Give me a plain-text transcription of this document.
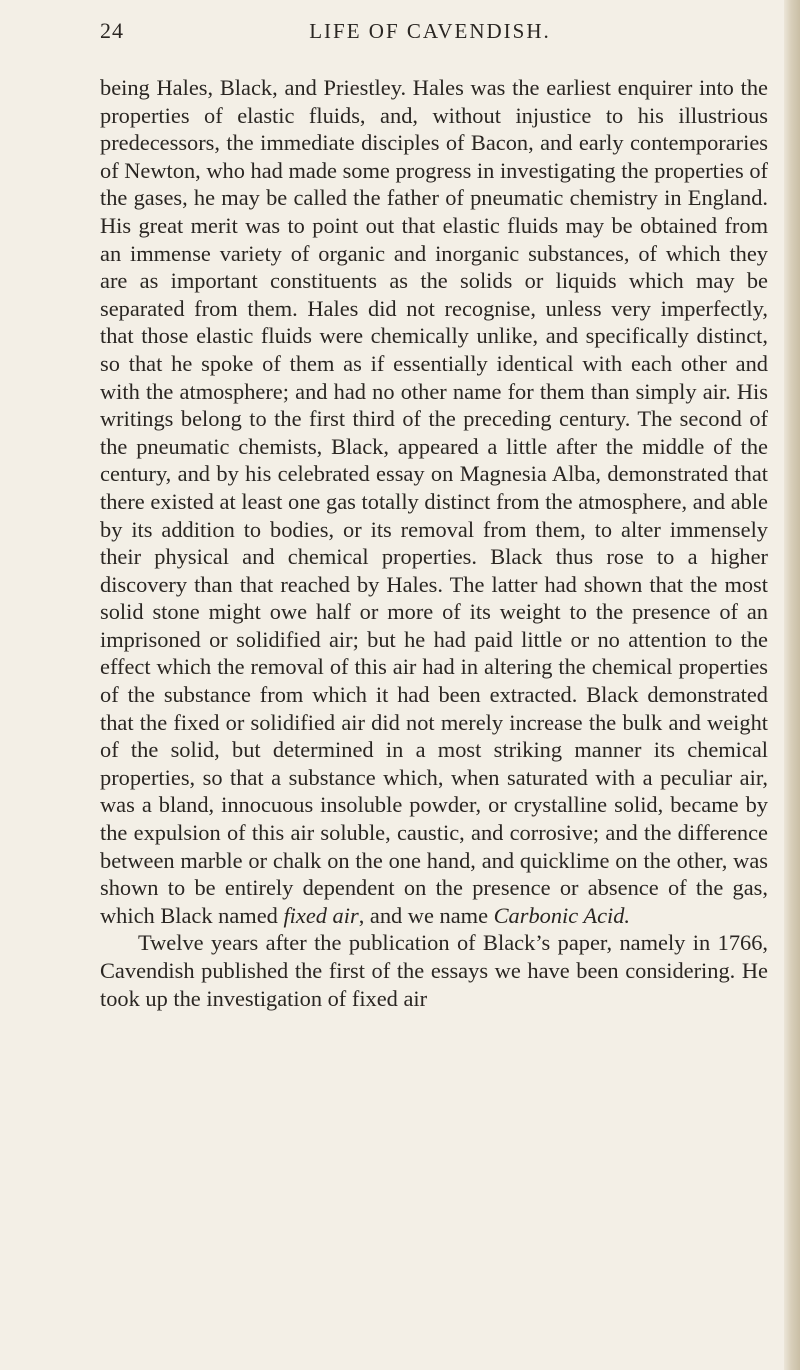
24	LIFE OF CAVENDISH.

being Hales, Black, and Priestley. Hales was the earliest enquirer into the properties of elastic fluids, and, without injustice to his illustrious predecessors, the immediate disciples of Bacon, and early contemporaries of Newton, who had made some progress in investigating the properties of the gases, he may be called the father of pneumatic chemistry in England. His great merit was to point out that elastic fluids may be obtained from an immense variety of organic and inorganic substances, of which they are as important constituents as the solids or liquids which may be separated from them. Hales did not recognise, unless very imperfectly, that those elastic fluids were chemically unlike, and specifically distinct, so that he spoke of them as if essentially identical with each other and with the atmosphere; and had no other name for them than simply air. His writings belong to the first third of the preceding century. The second of the pneumatic chemists, Black, appeared a little after the middle of the century, and by his celebrated essay on Magnesia Alba, demonstrated that there existed at least one gas totally distinct from the atmosphere, and able by its addition to bodies, or its removal from them, to alter immensely their physical and chemical properties. Black thus rose to a higher discovery than that reached by Hales. The latter had shown that the most solid stone might owe half or more of its weight to the presence of an imprisoned or solidified air; but he had paid little or no attention to the effect which the removal of this air had in altering the chemical properties of the substance from which it had been extracted. Black demonstrated that the fixed or solidified air did not merely increase the bulk and weight of the solid, but determined in a most striking manner its chemical properties, so that a substance which, when saturated with a peculiar air, was a bland, innocuous insoluble powder, or crystalline solid, became by the expulsion of this air soluble, caustic, and corrosive; and the difference between marble or chalk on the one hand, and quicklime on the other, was shown to be entirely dependent on the presence or absence of the gas, which Black named fixed air, and we name Carbonic Acid.

Twelve years after the publication of Black’s paper, namely in 1766, Cavendish published the first of the essays we have been considering. He took up the investigation of fixed air
